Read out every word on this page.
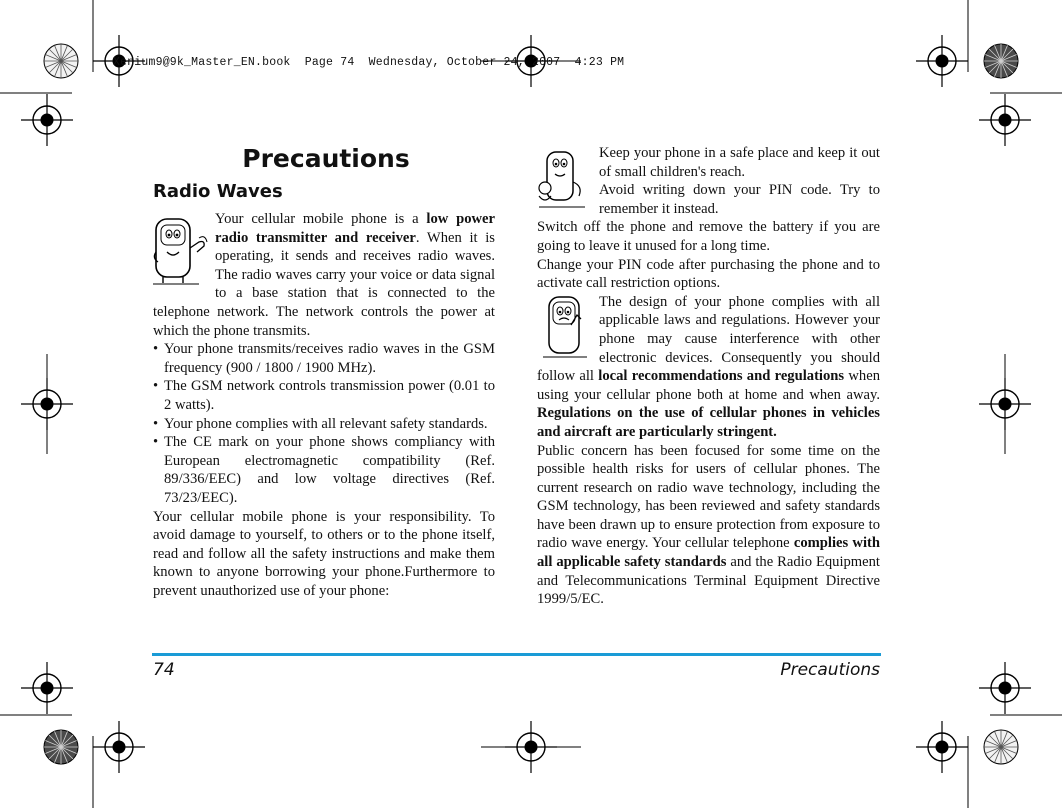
Xenium9@9k_Master_EN.book  Page 74  Wednesday, October 24, 2007  4:23 PM
Precautions
Radio Waves

Your cellular mobile phone is a low power radio transmitter and receiver. When it is operating, it sends and receives radio waves. The radio waves carry your voice or data signal to a base station that is connected to the telephone network. The network controls the power at which the phone transmits.

• Your phone transmits/receives radio waves in the GSM frequency (900 / 1800 / 1900 MHz).
• The GSM network controls transmission power (0.01 to 2 watts).
• Your phone complies with all relevant safety standards.
• The CE mark on your phone shows compliancy with European electromagnetic compatibility (Ref. 89/336/EEC) and low voltage directives (Ref. 73/23/EEC).

Your cellular mobile phone is your responsibility. To avoid damage to yourself, to others or to the phone itself, read and follow all the safety instructions and make them known to anyone borrowing your phone.Furthermore to prevent unauthorized use of your phone:

Keep your phone in a safe place and keep it out of small children's reach.

Avoid writing down your PIN code. Try to remember it instead.

Switch off the phone and remove the battery if you are going to leave it unused for a long time.

Change your PIN code after purchasing the phone and to activate call restriction options.

The design of your phone complies with all applicable laws and regulations. However your phone may cause interference with other electronic devices. Consequently you should follow all local recommendations and regulations when using your cellular phone both at home and when away. Regulations on the use of cellular phones in vehicles and aircraft are particularly stringent.

Public concern has been focused for some time on the possible health risks for users of cellular phones. The current research on radio wave technology, including the GSM technology, has been reviewed and safety standards have been drawn up to ensure protection from exposure to radio wave energy. Your cellular telephone complies with all applicable safety standards and the Radio Equipment and Telecommunications Terminal Equipment Directive 1999/5/EC.

74	Precautions
